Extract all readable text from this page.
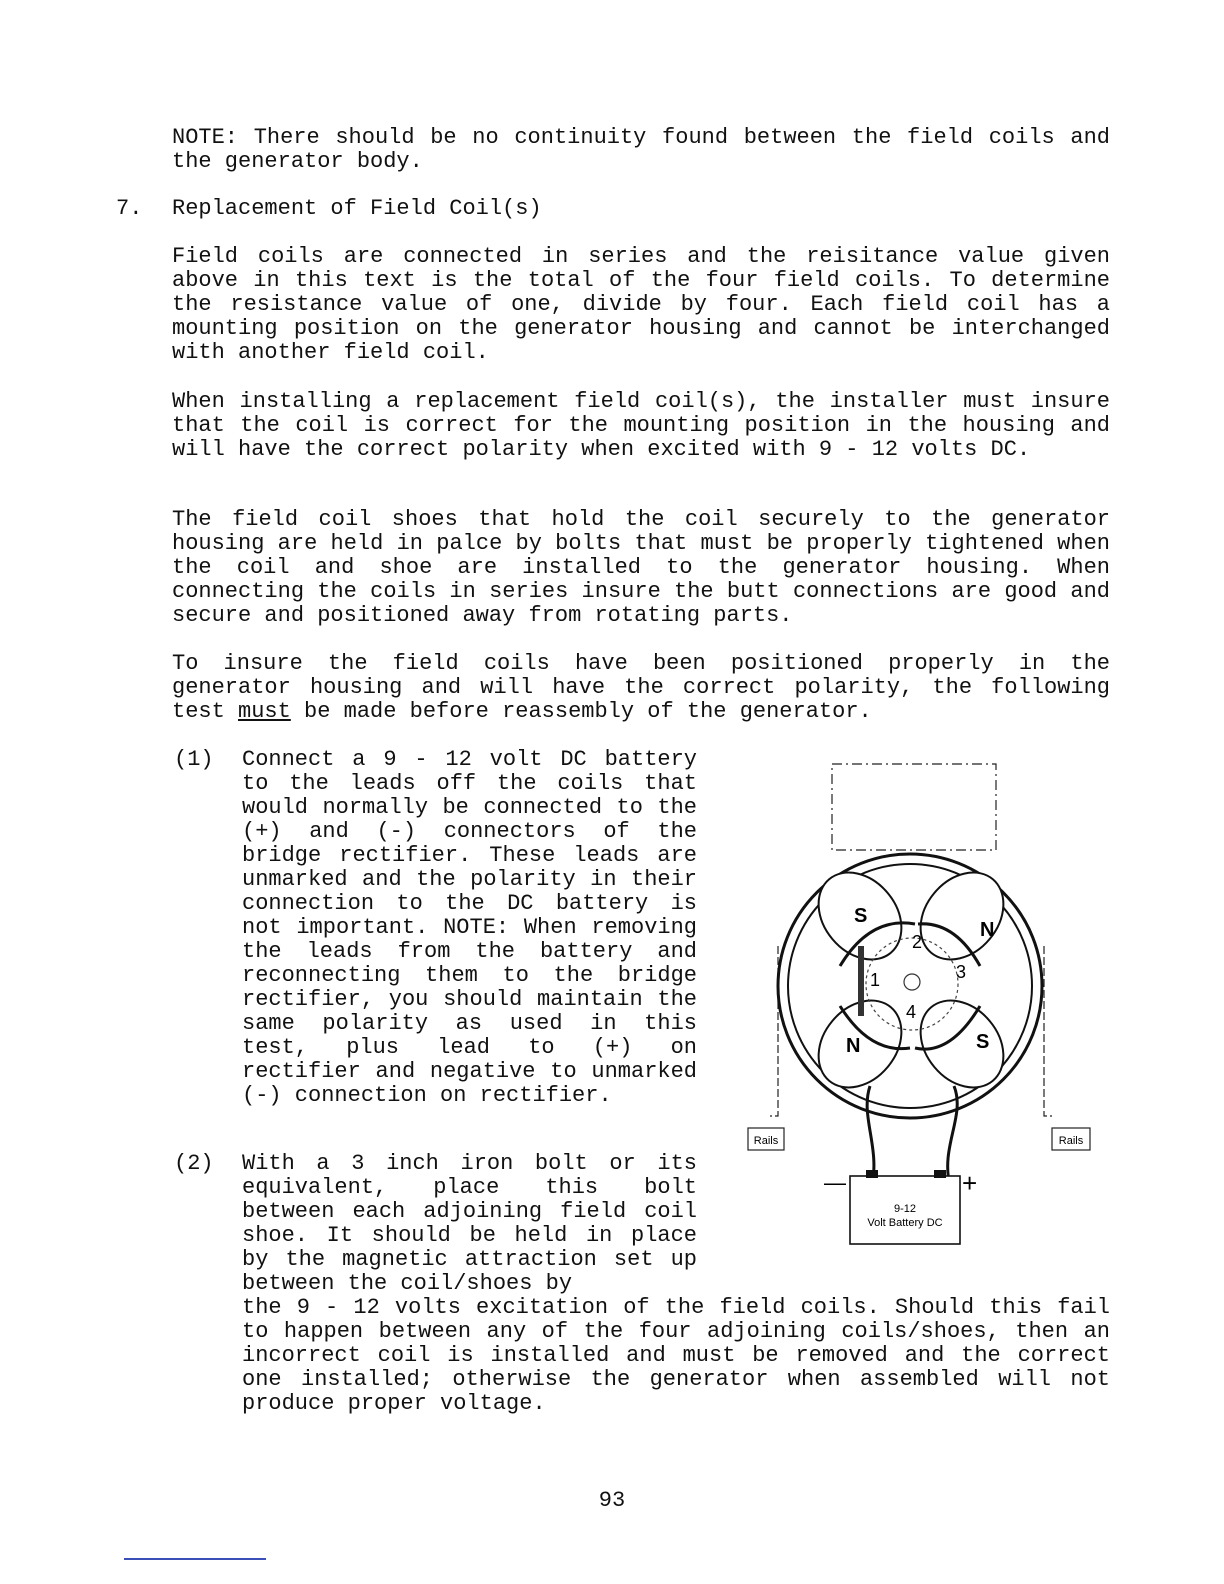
NOTE: There should be no continuity found between the field coils and the generator body.
7. Replacement of Field Coil(s)
Field coils are connected in series and the reisitance value given above in this text is the total of the four field coils. To determine the resistance value of one, divide by four. Each field coil has a mounting position on the generator housing and cannot be interchanged with another field coil.
When installing a replacement field coil(s), the installer must insure that the coil is correct for the mounting position in the housing and will have the correct polarity when excited with 9 - 12 volts DC.
The field coil shoes that hold the coil securely to the generator housing are held in palce by bolts that must be properly tightened when the coil and shoe are installed to the generator housing. When connecting the coils in series insure the butt connections are good and secure and positioned away from rotating parts.
To insure the field coils have been positioned properly in the generator housing and will have the correct polarity, the following test must be made before reassembly of the generator.
(1) Connect a 9 - 12 volt DC battery to the leads off the coils that would normally be connected to the (+) and (-) connectors of the bridge rectifier. These leads are unmarked and the polarity in their connection to the DC battery is not important. NOTE: When removing the leads from the battery and reconnecting them to the bridge rectifier, you should maintain the same polarity as used in this test, plus lead to (+) on rectifier and negative to unmarked (-) connection on rectifier.
(2) With a 3 inch iron bolt or its equivalent, place this bolt between each adjoining field coil shoe. It should be held in place by the magnetic attraction set up between the coil/shoes by
the 9 - 12 volts excitation of the field coils. Should this fail to happen between any of the four adjoining coils/shoes, then an incorrect coil is installed and must be removed and the correct one installed; otherwise the generator when assembled will not produce proper voltage.
Rails	Rails
S
N
N	S
1
2
3
4
9-12
Volt Battery DC
—	+
93
